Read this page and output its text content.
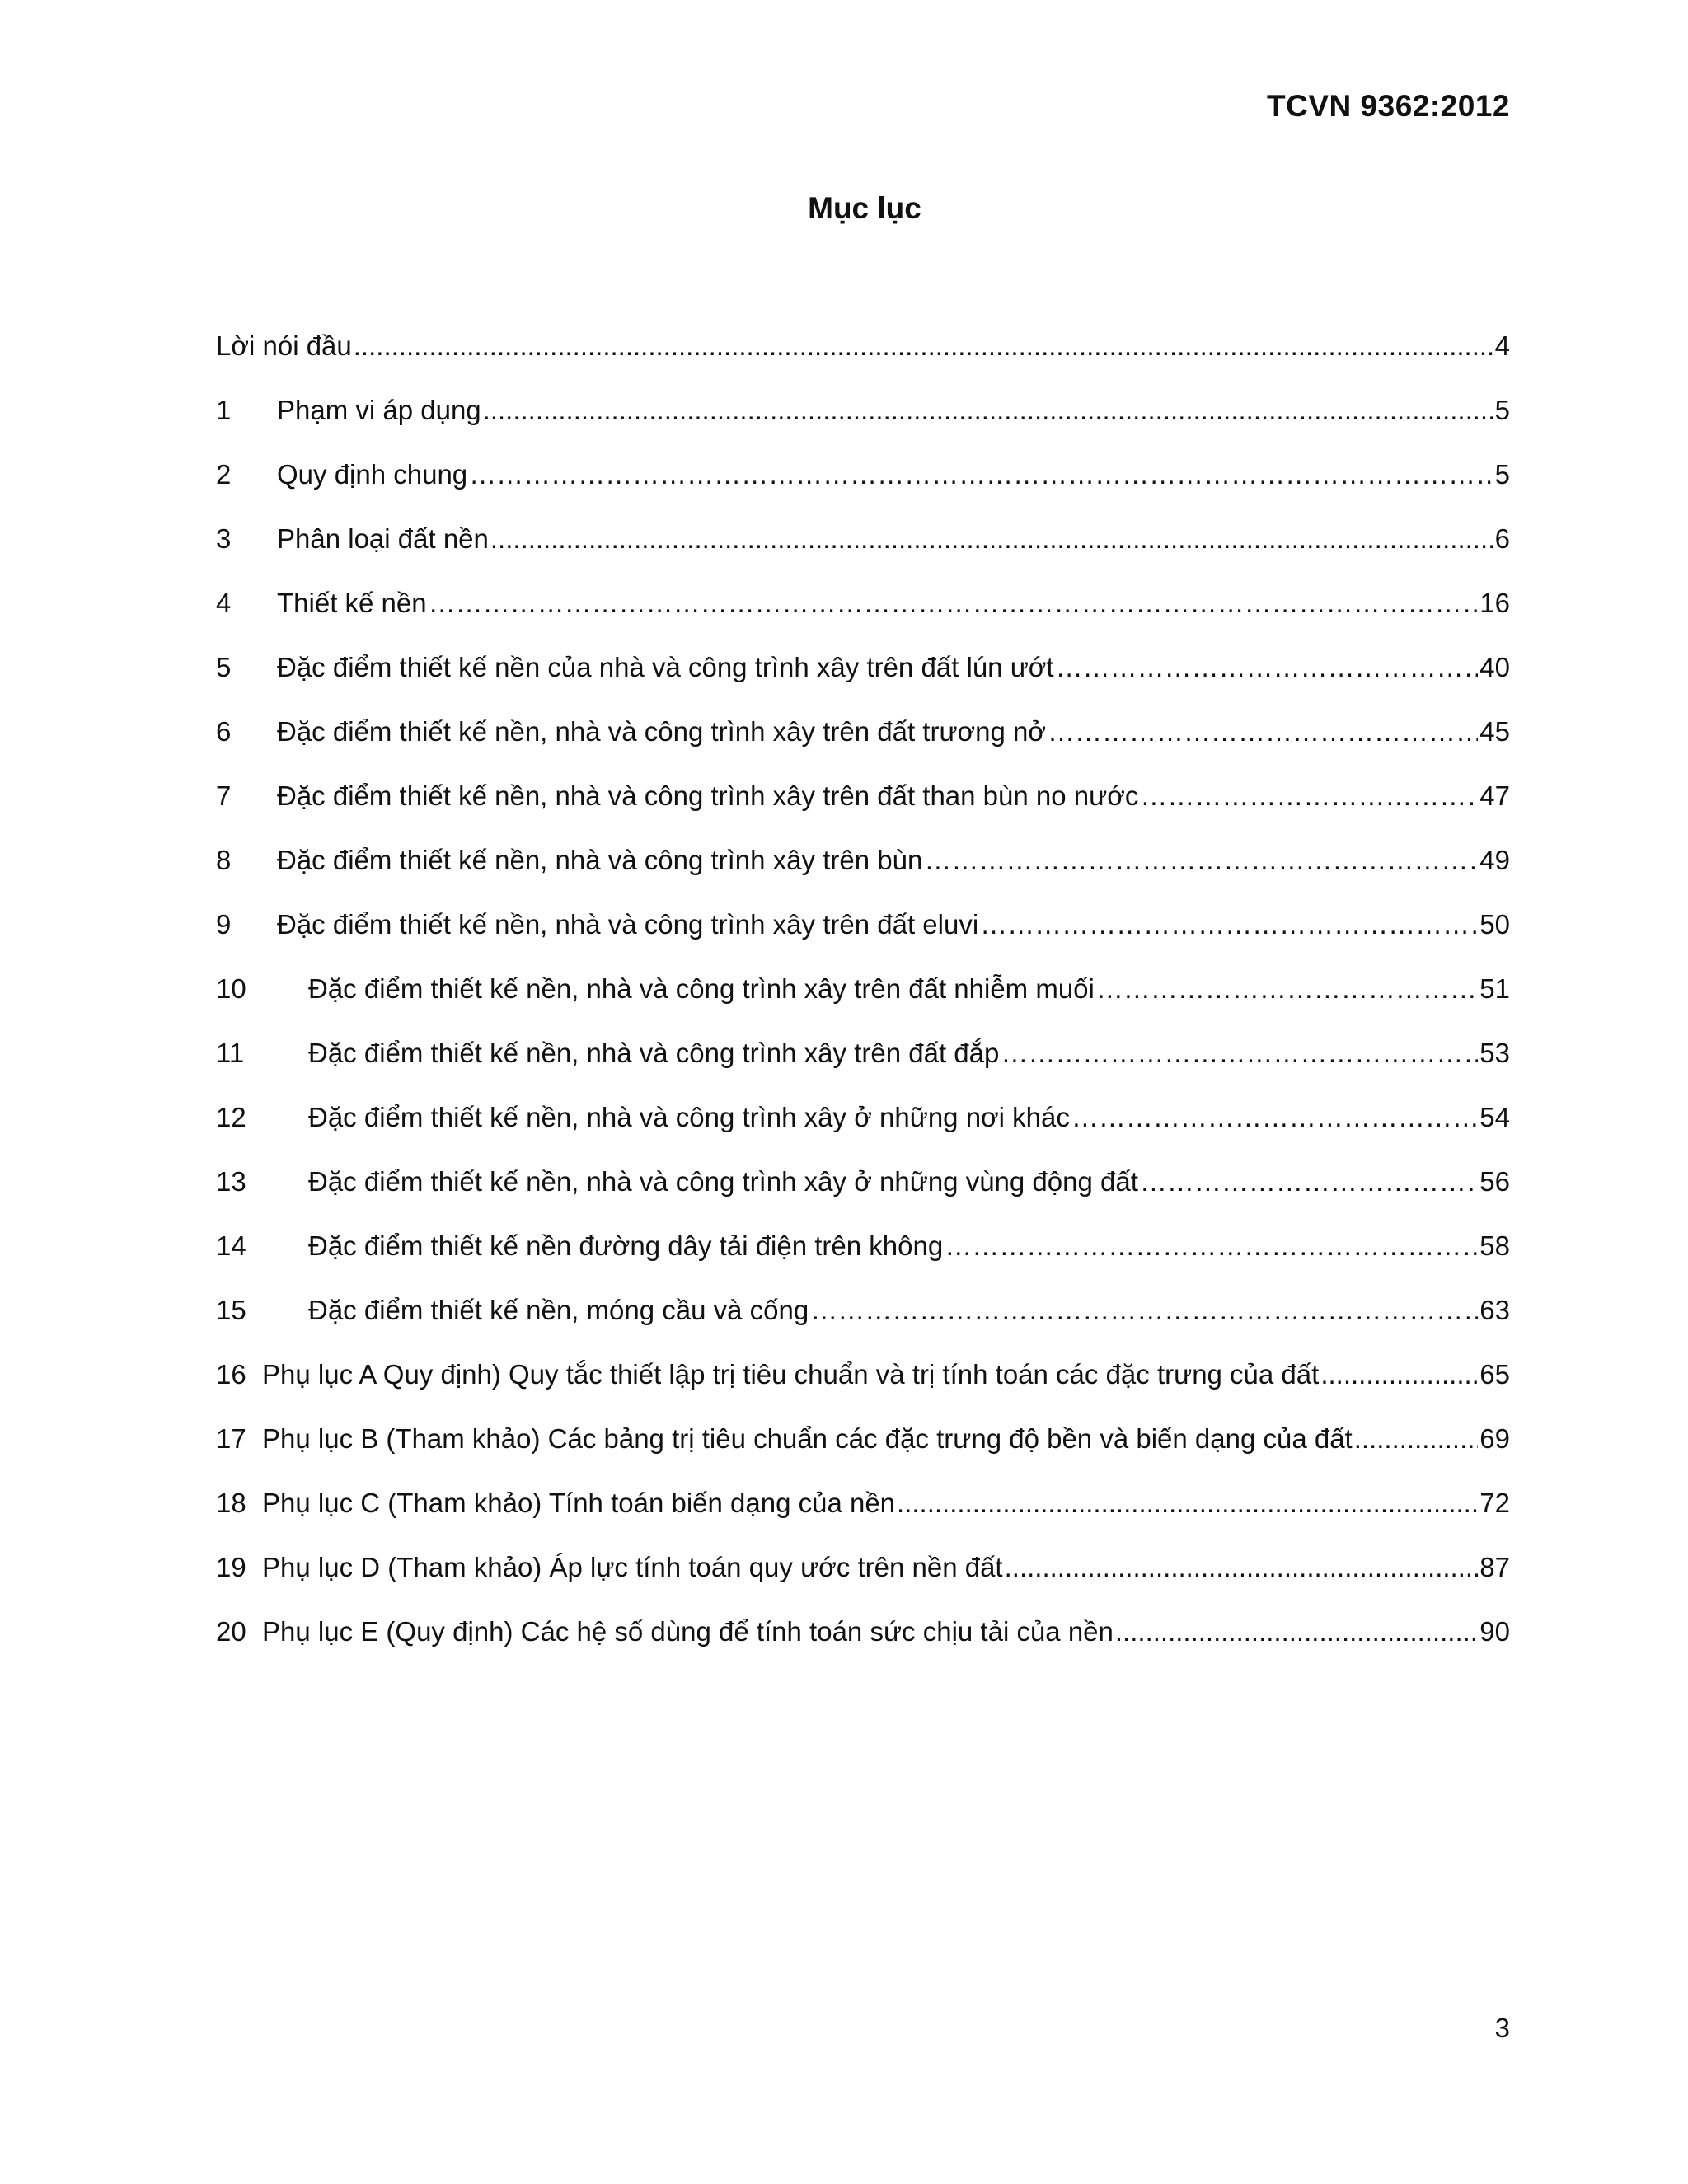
TCVN 9362:2012
Mục lục
Lời nói đầu .....	4
1	Phạm vi áp dụng .....	5
2	Quy định chung ……………………………………………………………………………………………………………………………………………………………………………………………………………………………………………………………………………………	5
3	Phân loại đất nền .....	6
4	Thiết kế nền ……………………………………………………………………………………………………………………………………………………………………………………………………………………………………………………………………………………	16
5	Đặc điểm thiết kế nền của nhà và công trình xây trên đất lún ướt ……………………………………………………………………………………………………………………………………………………………………………………………………………………………………………………………………………………	40
6	Đặc điểm thiết kế nền, nhà và công trình xây trên đất trương nở ……………………………………………………………………………………………………………………………………………………………………………………………………………………………………………………………………………………	45
7	Đặc điểm thiết kế nền, nhà và công trình xây trên đất than bùn no nước ……………………………………………………………………………………………………………………………………………………………………………………………………………………………………………………………………………………	47
8	Đặc điểm thiết kế nền, nhà và công trình xây trên bùn ……………………………………………………………………………………………………………………………………………………………………………………………………………………………………………………………………………………	49
9	Đặc điểm thiết kế nền, nhà và công trình xây trên đất eluvi ……………………………………………………………………………………………………………………………………………………………………………………………………………………………………………………………………………………	50
10	Đặc điểm thiết kế nền, nhà và công trình xây trên đất nhiễm muối ……………………………………………………………………………………………………………………………………………………………………………………………………………………………………………………………………………………	51
11	Đặc điểm thiết kế nền, nhà và công trình xây trên đất đắp ……………………………………………………………………………………………………………………………………………………………………………………………………………………………………………………………………………………	53
12	Đặc điểm thiết kế nền, nhà và công trình xây ở những nơi khác ……………………………………………………………………………………………………………………………………………………………………………………………………………………………………………………………………………………	54
13	Đặc điểm thiết kế nền, nhà và công trình xây ở những vùng động đất ……………………………………………………………………………………………………………………………………………………………………………………………………………………………………………………………………………………	56
14	Đặc điểm thiết kế nền đường dây tải điện trên không ……………………………………………………………………………………………………………………………………………………………………………………………………………………………………………………………………………………	58
15	Đặc điểm thiết kế nền, móng cầu và cống ……………………………………………………………………………………………………………………………………………………………………………………………………………………………………………………………………………………	63
16 Phụ lục A Quy định) Quy tắc thiết lập trị tiêu chuẩn và trị tính toán các đặc trưng của đất .....	65
17 Phụ lục B (Tham khảo) Các bảng trị tiêu chuẩn các đặc trưng độ bền và biến dạng của đất .....	69
18 Phụ lục C (Tham khảo) Tính toán biến dạng của nền .....	72
19 Phụ lục D (Tham khảo) Áp lực tính toán quy ước trên nền đất .....	87
20 Phụ lục E (Quy định) Các hệ số dùng để tính toán sức chịu tải của nền .....	90
3
